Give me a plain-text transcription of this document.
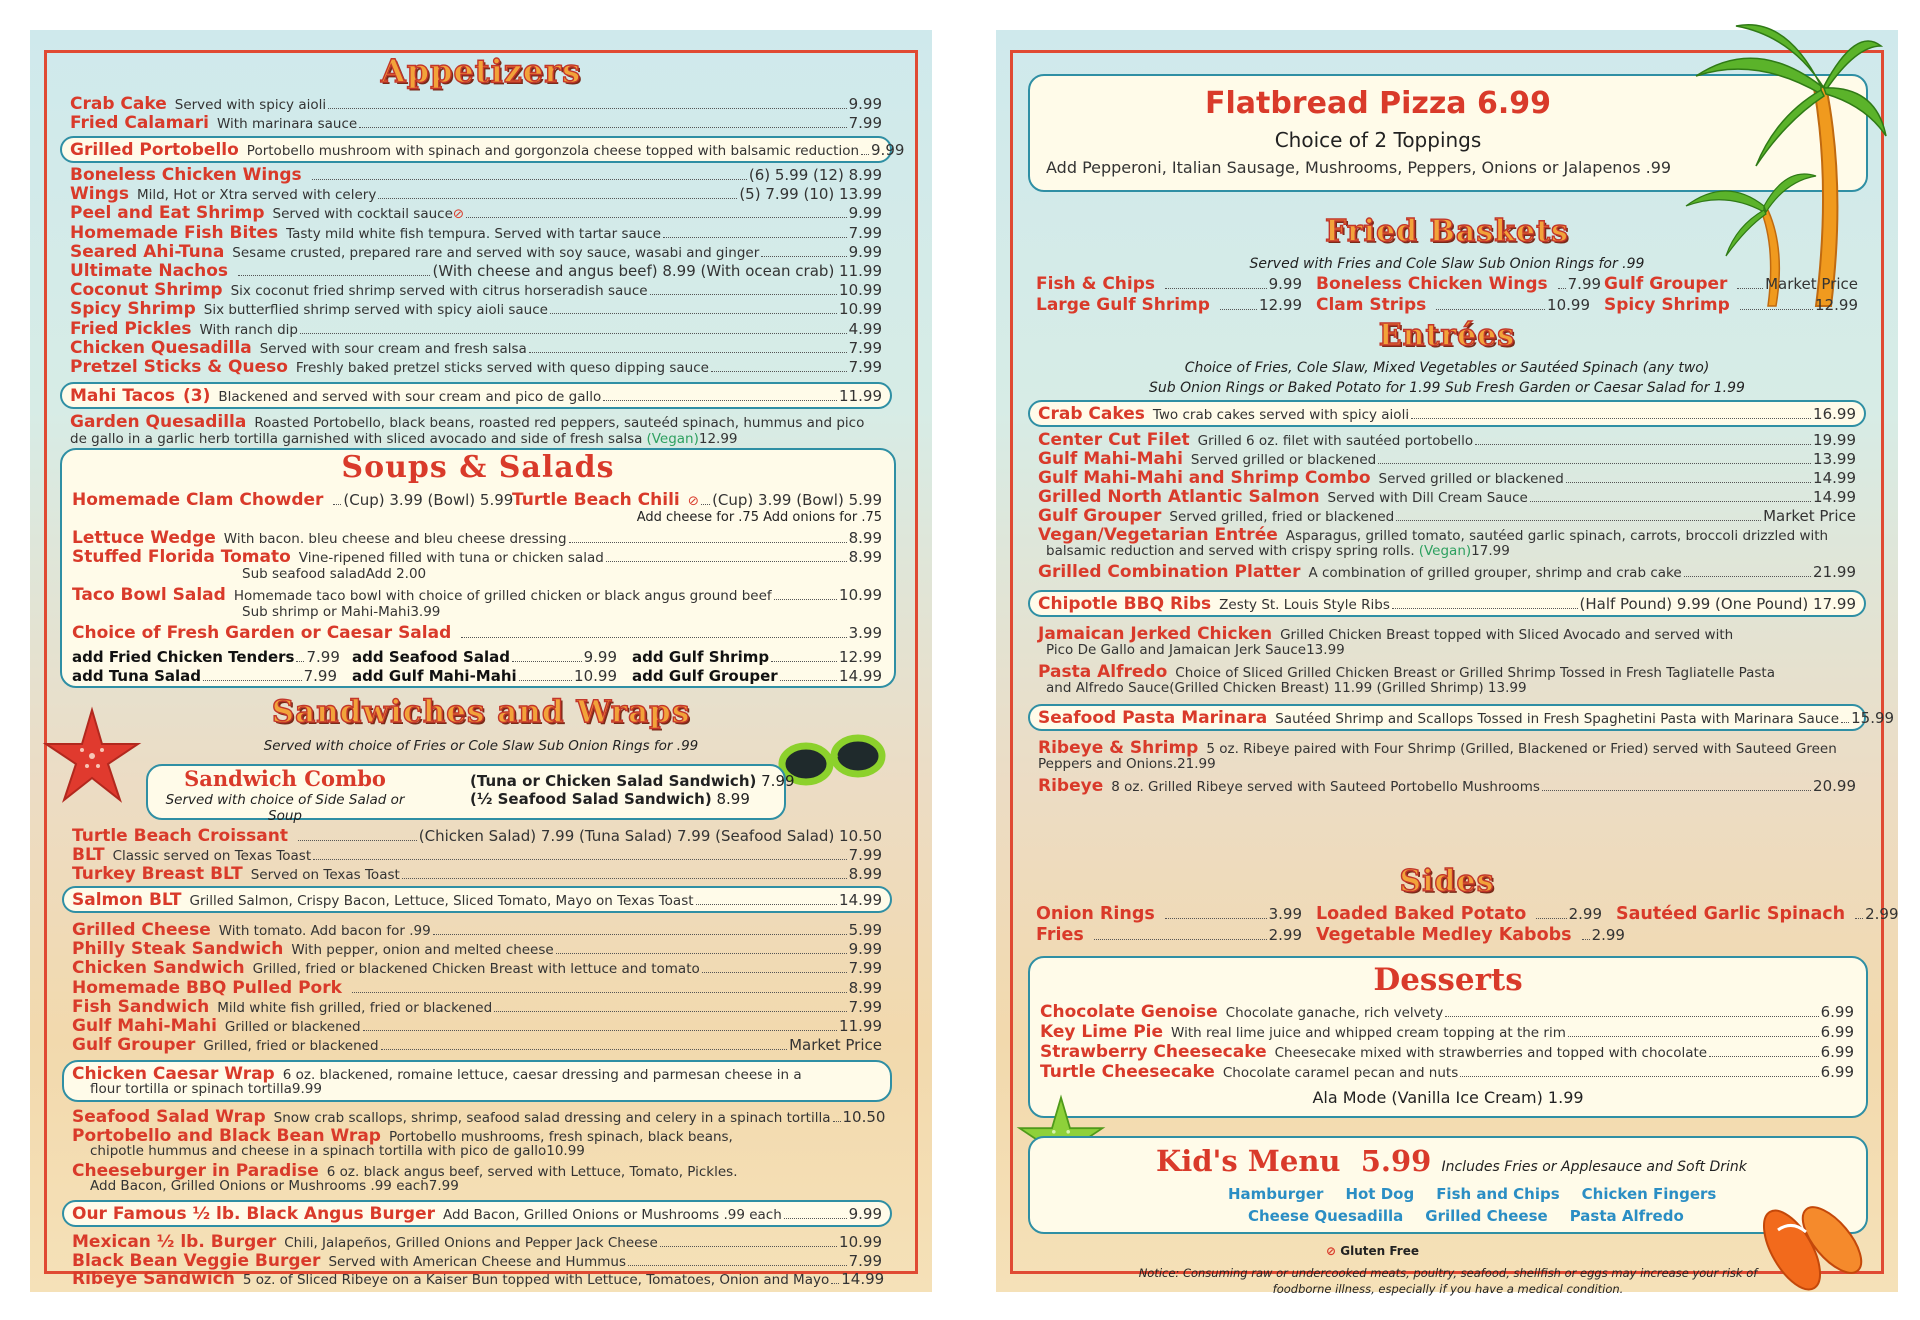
Appetizers
Crab Cake Served with spicy aioli	9.99
Fried Calamari With marinara sauce	7.99
Grilled Portobello Portobello mushroom with spinach and gorgonzola cheese topped with balsamic reduction 9.99
Boneless Chicken Wings	(6) 5.99 (12) 8.99
Wings Mild, Hot or Xtra served with celery	(5) 7.99 (10) 13.99
Peel and Eat Shrimp Served with cocktail sauce ⊘	9.99
Homemade Fish Bites Tasty mild white fish tempura. Served with tartar sauce	7.99
Seared Ahi-Tuna Sesame crusted, prepared rare and served with soy sauce, wasabi and ginger	9.99
Ultimate Nachos	(With cheese and angus beef) 8.99 (With ocean crab) 11.99
Coconut Shrimp Six coconut fried shrimp served with citrus horseradish sauce	10.99
Spicy Shrimp Six butterflied shrimp served with spicy aioli sauce	10.99
Fried Pickles With ranch dip	4.99
Chicken Quesadilla Served with sour cream and fresh salsa	7.99
Pretzel Sticks & Queso Freshly baked pretzel sticks served with queso dipping sauce	7.99
Mahi Tacos (3) Blackened and served with sour cream and pico de gallo	11.99
Garden Quesadilla Roasted Portobello, black beans, roasted red peppers, sauteéd spinach, hummus and pico
de gallo in a garlic herb tortilla garnished with sliced avocado and side of fresh salsa (Vegan) 12.99
Soups & Salads
Homemade Clam Chowder (Cup) 3.99 (Bowl) 5.99
Turtle Beach Chili ⊘ (Cup) 3.99 (Bowl) 5.99
Add cheese for .75 Add onions for .75
Lettuce Wedge With bacon. bleu cheese and bleu cheese dressing	8.99
Stuffed Florida Tomato Vine-ripened filled with tuna or chicken salad	8.99
Sub seafood salad Add 2.00
Taco Bowl Salad Homemade taco bowl with choice of grilled chicken or black angus ground beef	10.99
Sub shrimp or Mahi-Mahi 3.99
Choice of Fresh Garden or Caesar Salad	3.99
add Fried Chicken Tenders 7.99 add Seafood Salad	9.99 add Gulf Shrimp	12.99
add Tuna Salad	7.99 add Gulf Mahi-Mahi	10.99 add Gulf Grouper	14.99
Sandwiches and Wraps
Served with choice of Fries or Cole Slaw Sub Onion Rings for .99
Sandwich Combo
Served with choice of Side Salad or Soup
(Tuna or Chicken Salad Sandwich) 7.99
(½ Seafood Salad Sandwich) 8.99
Turtle Beach Croissant	(Chicken Salad) 7.99 (Tuna Salad) 7.99 (Seafood Salad) 10.50
BLT Classic served on Texas Toast	7.99
Turkey Breast BLT Served on Texas Toast	8.99
Salmon BLT Grilled Salmon, Crispy Bacon, Lettuce, Sliced Tomato, Mayo on Texas Toast	14.99
Grilled Cheese With tomato. Add bacon for .99	5.99
Philly Steak Sandwich With pepper, onion and melted cheese	9.99
Chicken Sandwich Grilled, fried or blackened Chicken Breast with lettuce and tomato	7.99
Homemade BBQ Pulled Pork	8.99
Fish Sandwich Mild white fish grilled, fried or blackened	7.99
Gulf Mahi-Mahi Grilled or blackened	11.99
Gulf Grouper Grilled, fried or blackened	Market Price
Chicken Caesar Wrap 6 oz. blackened, romaine lettuce, caesar dressing and parmesan cheese in a
flour tortilla or spinach tortilla 9.99
Seafood Salad Wrap Snow crab scallops, shrimp, seafood salad dressing and celery in a spinach tortilla 10.50
Portobello and Black Bean Wrap Portobello mushrooms, fresh spinach, black beans,
chipotle hummus and cheese in a spinach tortilla with pico de gallo 10.99
Cheeseburger in Paradise 6 oz. black angus beef, served with Lettuce, Tomato, Pickles.
Add Bacon, Grilled Onions or Mushrooms .99 each 7.99
Our Famous ½ lb. Black Angus Burger Add Bacon, Grilled Onions or Mushrooms .99 each	9.99
Mexican ½ lb. Burger Chili, Jalapeños, Grilled Onions and Pepper Jack Cheese	10.99
Black Bean Veggie Burger Served with American Cheese and Hummus	7.99
Ribeye Sandwich 5 oz. of Sliced Ribeye on a Kaiser Bun topped with Lettuce, Tomatoes, Onion and Mayo 14.99
Flatbread Pizza 6.99
Choice of 2 Toppings
Add Pepperoni, Italian Sausage, Mushrooms, Peppers, Onions or Jalapenos .99
Fried Baskets
Served with Fries and Cole Slaw Sub Onion Rings for .99
Fish & Chips	9.99 Boneless Chicken Wings 7.99 Gulf Grouper	Market Price
Large Gulf Shrimp	12.99 Clam Strips	10.99 Spicy Shrimp	12.99
Entrées
Choice of Fries, Cole Slaw, Mixed Vegetables or Sautéed Spinach (any two)
Sub Onion Rings or Baked Potato for 1.99 Sub Fresh Garden or Caesar Salad for 1.99
Crab Cakes Two crab cakes served with spicy aioli	16.99
Center Cut Filet Grilled 6 oz. filet with sautéed portobello	19.99
Gulf Mahi-Mahi Served grilled or blackened	13.99
Gulf Mahi-Mahi and Shrimp Combo Served grilled or blackened	14.99
Grilled North Atlantic Salmon Served with Dill Cream Sauce	14.99
Gulf Grouper Served grilled, fried or blackened	Market Price
Vegan/Vegetarian Entrée Asparagus, grilled tomato, sautéed garlic spinach, carrots, broccoli drizzled with
balsamic reduction and served with crispy spring rolls. (Vegan) 17.99
Grilled Combination Platter A combination of grilled grouper, shrimp and crab cake	21.99
Chipotle BBQ Ribs Zesty St. Louis Style Ribs	(Half Pound) 9.99 (One Pound) 17.99
Jamaican Jerked Chicken Grilled Chicken Breast topped with Sliced Avocado and served with
Pico De Gallo and Jamaican Jerk Sauce 13.99
Pasta Alfredo Choice of Sliced Grilled Chicken Breast or Grilled Shrimp Tossed in Fresh Tagliatelle Pasta
and Alfredo Sauce (Grilled Chicken Breast) 11.99 (Grilled Shrimp) 13.99
Seafood Pasta Marinara Sautéed Shrimp and Scallops Tossed in Fresh Spaghetini Pasta with Marinara Sauce 15.99
Ribeye & Shrimp 5 oz. Ribeye paired with Four Shrimp (Grilled, Blackened or Fried) served with Sauteed Green
Peppers and Onions. 21.99
Ribeye 8 oz. Grilled Ribeye served with Sauteed Portobello Mushrooms	20.99
Sides
Onion Rings	3.99 Loaded Baked Potato	2.99 Sautéed Garlic Spinach 2.99
Fries	2.99 Vegetable Medley Kabobs 2.99
Desserts
Chocolate Genoise Chocolate ganache, rich velvety	6.99
Key Lime Pie With real lime juice and whipped cream topping at the rim	6.99
Strawberry Cheesecake Cheesecake mixed with strawberries and topped with chocolate	6.99
Turtle Cheesecake Chocolate caramel pecan and nuts	6.99
Ala Mode (Vanilla Ice Cream) 1.99
Kid's Menu 5.99 Includes Fries or Applesauce and Soft Drink
Hamburger Hot Dog Fish and Chips Chicken Fingers
Cheese Quesadilla Grilled Cheese Pasta Alfredo
⊘ Gluten Free
Notice: Consuming raw or undercooked meats, poultry, seafood, shellfish or eggs may increase your risk of
foodborne illness, especially if you have a medical condition.
